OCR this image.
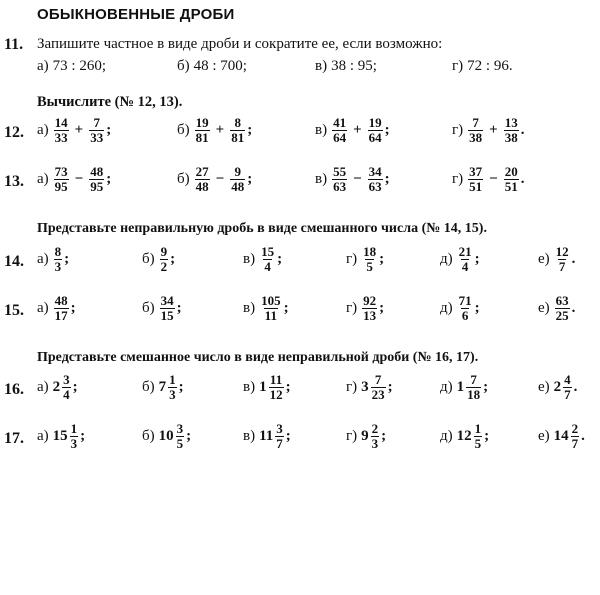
ОБЫКНОВЕННЫЕ ДРОБИ
11. Запишите частное в виде дроби и сократите ее, если возможно:
а) 73 : 260;	б) 48 : 700;	в) 38 : 95;	г) 72 : 96.
Вычислите (№ 12, 13).
12. $а) \frac{14}{33} + \frac{7}{33}$ ;	$б) \frac{19}{81} + \frac{8}{81}$ ;	$в) \frac{41}{64} + \frac{19}{64}$ ;	$г) \frac{7}{38} + \frac{13}{38}$ .
13. $а) \frac{73}{95} - \frac{48}{95}$ ;	$б) \frac{27}{48} - \frac{9}{48}$ ;	$в) \frac{55}{63} - \frac{34}{63}$ ;	$г) \frac{37}{51} - \frac{20}{51}$ .
Представьте неправильную дробь в виде смешанного числа (№ 14, 15).
14. $а) \frac{8}{3}$ ;	$б) \frac{9}{2}$ ;	$в) \frac{15}{4}$ ;	$г) \frac{18}{5}$ ;	$д) \frac{21}{4}$ ;	$е) \frac{12}{7}$ .
15. $а) \frac{48}{17}$ ;	$б) \frac{34}{15}$ ;	$в) \frac{105}{11}$ ;	$г) \frac{92}{13}$ ;	$д) \frac{71}{6}$ ;	$е) \frac{63}{25}$ .
Представьте смешанное число в виде неправильной дроби (№ 16, 17).
16. а) $2 \frac{3}{4}$ ;	б) $7 \frac{1}{3}$ ;	в) $1 \frac{11}{12}$ ;	г) $3 \frac{7}{23}$ ;	д) $1 \frac{7}{18}$ ;	е) $2 \frac{4}{7}$ .
17. а) $15 \frac{1}{3}$ ;	б) $10 \frac{3}{5}$ ;	в) $11 \frac{3}{7}$ ;	г) $9 \frac{2}{3}$ ;	д) $12 \frac{1}{5}$ ;	е) $14 \frac{2}{7}$ .
